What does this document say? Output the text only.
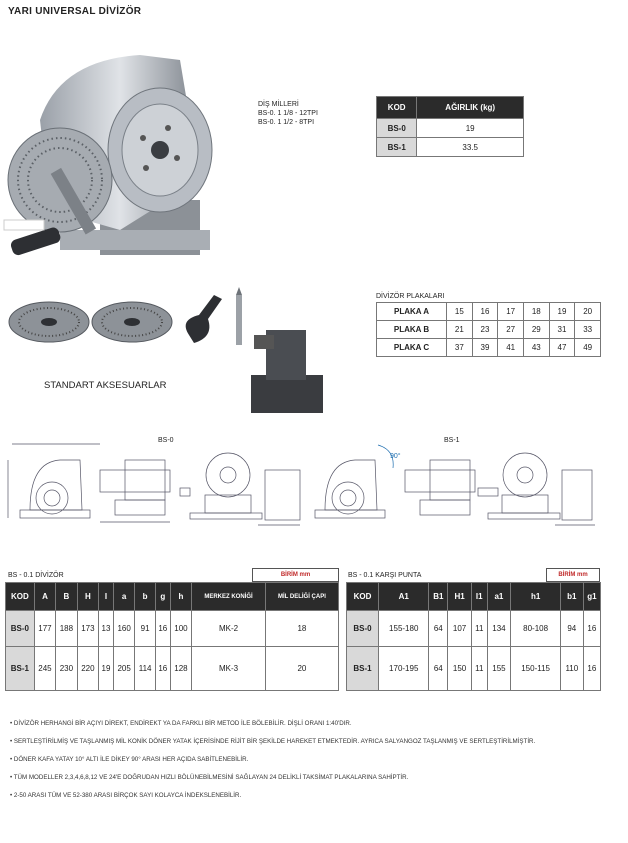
YARI UNIVERSAL DİVİZÖR
DİŞ MİLLERİ
BS-0. 1 1/8 - 12TPI
BS-0. 1 1/2 - 8TPI
KOD	AĞIRLIK (kg)
BS-0	19
BS-1	33.5
STANDART AKSESUARLAR
DİVİZÖR PLAKALARI
PLAKA A	15	16	17	18	19	20
PLAKA B	21	23	27	29	31	33
PLAKA C	37	39	41	43	47	49
BS-0	BS-1
90°
BS - 0.1 DİVİZÖR	BİRİM mm
KOD	A	B	H	I	a	b	g	h	MERKEZ KONİĞİ	MİL DELİĞİ ÇAPI
BS-0	177	188	173	13	160	91	16	100	MK-2	18
BS-1	245	230	220	19	205	114	16	128	MK-3	20
BS - 0.1 KARŞI PUNTA	BİRİM mm
KOD	A1	B1	H1	I1	a1	h1	b1	g1
BS-0	155-180	64	107	11	134	80-108	94	16
BS-1	170-195	64	150	11	155	150-115	110	16
• DİVİZÖR HERHANGİ BİR AÇIYI DİREKT, ENDİREKT YA DA FARKLI BİR METOD İLE BÖLEBİLİR. DİŞLİ ORANI 1:40'DIR.
• SERTLEŞTİRİLMİŞ VE TAŞLANMIŞ MİL KONİK DÖNER YATAK İÇERİSİNDE RİJİT BİR ŞEKİLDE HAREKET ETMEKTEDİR. AYRICA SALYANGOZ TAŞLANMIŞ VE SERTLEŞTİRİLMİŞTİR.
• DÖNER KAFA YATAY 10° ALTI İLE DİKEY 90° ARASI HER AÇIDA SABİTLENEBİLİR.
• TÜM MODELLER 2,3,4,6,8,12 VE 24'E DOĞRUDAN HIZLI BÖLÜNEBİLMESİNİ SAĞLAYAN 24 DELİKLİ TAKSİMAT PLAKALARINA SAHİPTİR.
• 2-50 ARASI TÜM VE 52-380 ARASI BİRÇOK SAYI KOLAYCA İNDEKSLENEBİLİR.
